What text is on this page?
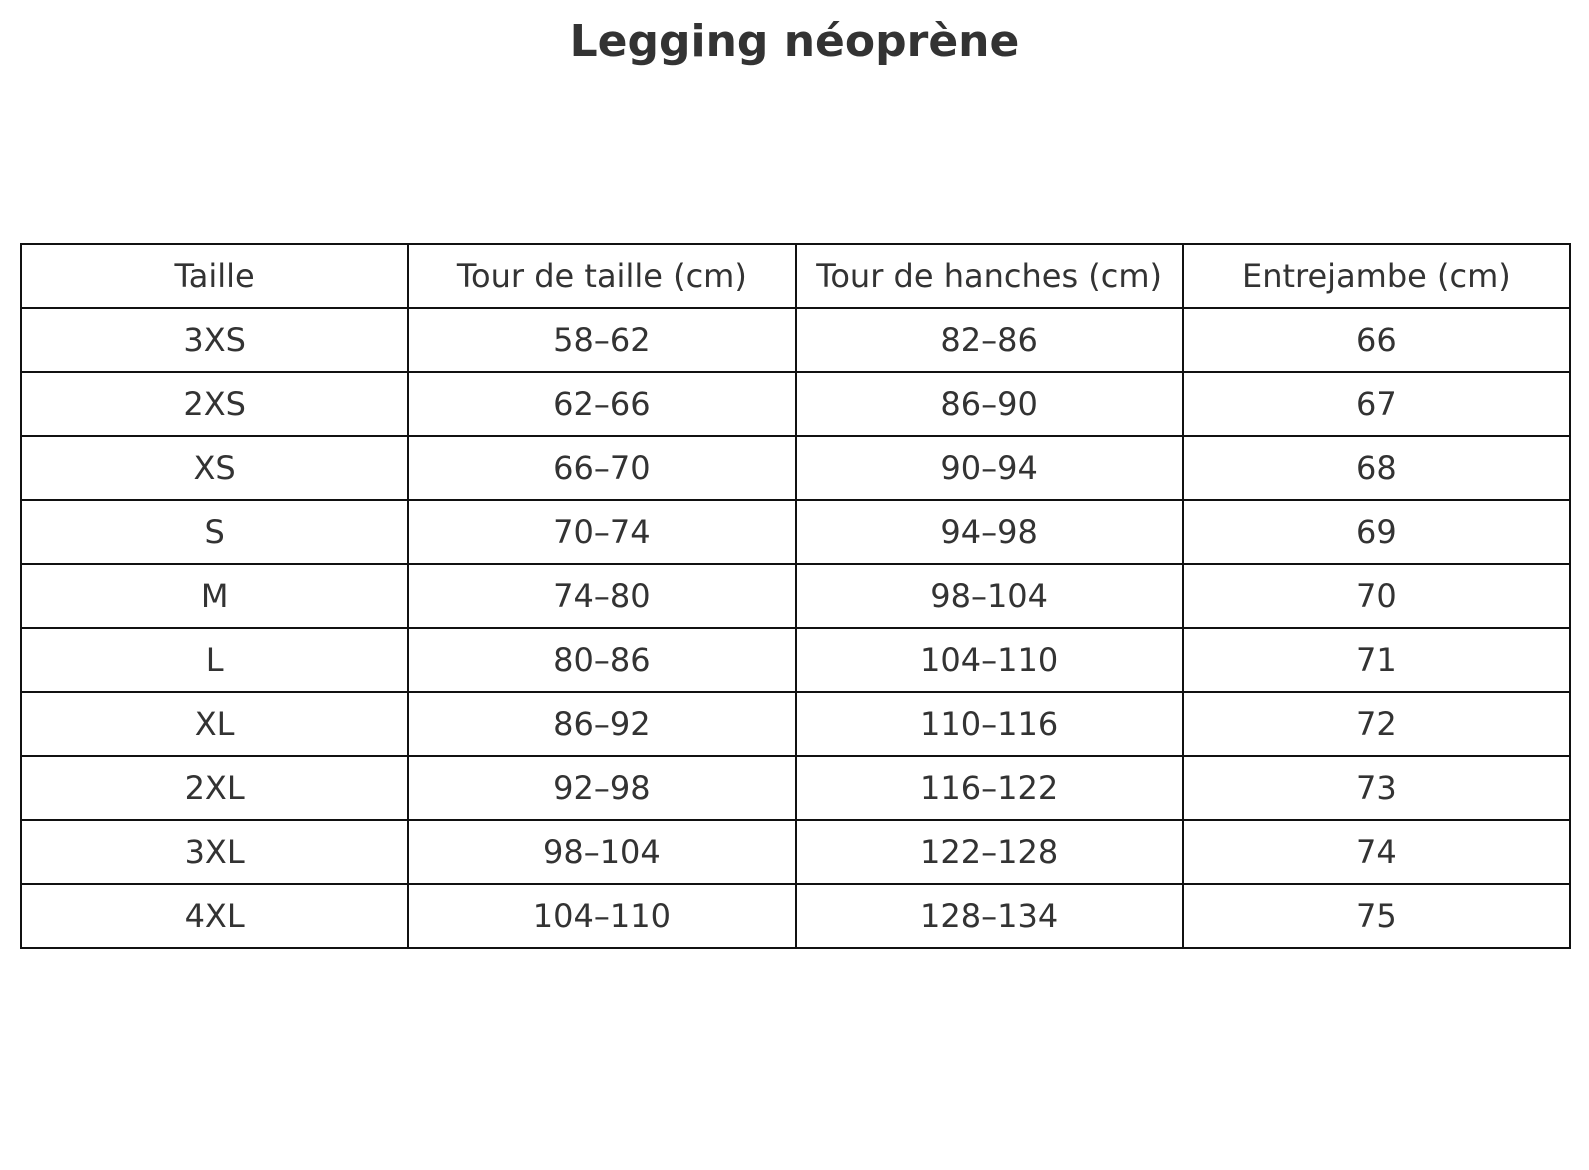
Legging néoprène
Taille	Tour de taille (cm)	Tour de hanches (cm)	Entrejambe (cm)
3XS	58–62	82–86	66
2XS	62–66	86–90	67
XS	66–70	90–94	68
S	70–74	94–98	69
M	74–80	98–104	70
L	80–86	104–110	71
XL	86–92	110–116	72
2XL	92–98	116–122	73
3XL	98–104	122–128	74
4XL	104–110	128–134	75
